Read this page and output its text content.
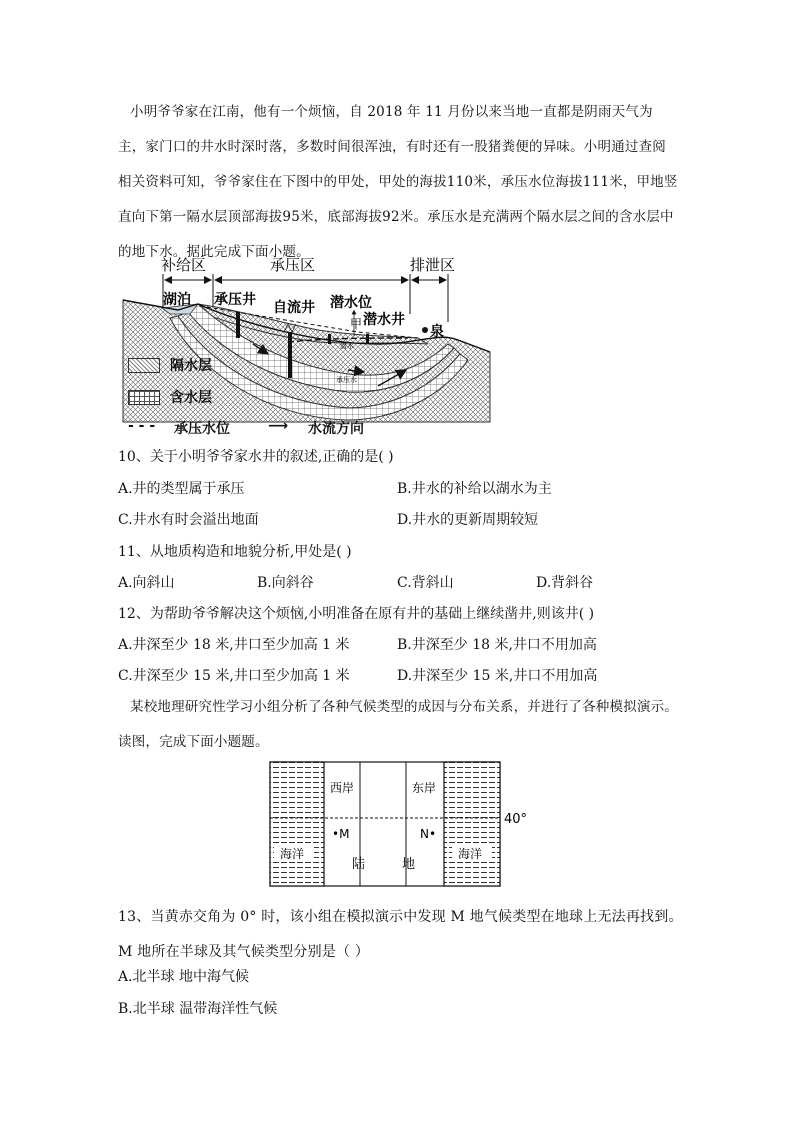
小明爷爷家在江南，他有一个烦恼，自 2018 年 11 月份以来当地一直都是阴雨天气为主，家门口的井水时深时落，多数时间很浑浊，有时还有一股猪粪便的异味。小明通过查阅相关资料可知，爷爷家住在下图中的甲处，甲处的海拔110米，承压水位海拔111米，甲地竖直向下第一隔水层顶部海拔95米，底部海拔92米。承压水是充满两个隔水层之间的含水层中的地下水。据此完成下面小题。
补给区	承压区	排泄区
湖泊 承压井 自流井 潜水位
甲 潜水井
泉
潜水
承压水
隔水层
含水层
- - -	承压水位	⟶	水流方向
10、关于小明爷爷家水井的叙述,正确的是( )
A.井的类型属于承压	B.井水的补给以湖水为主
C.井水有时会溢出地面	D.井水的更新周期较短
11、从地质构造和地貌分析,甲处是( )
A.向斜山	B.向斜谷	C.背斜山	D.背斜谷
12、为帮助爷爷解决这个烦恼,小明准备在原有井的基础上继续凿井,则该井( )
A.井深至少 18 米,井口至少加高 1 米	B.井深至少 18 米,井口不用加高
C.井深至少 15 米,井口至少加高 1 米	D.井深至少 15 米,井口不用加高
某校地理研究性学习小组分析了各种气候类型的成因与分布关系，并进行了各种模拟演示。读图，完成下面小题题。
西岸	东岸
40°
•M	N•
海洋	海洋
陆	地
13、当黄赤交角为 0° 时，该小组在模拟演示中发现 M 地气候类型在地球上无法再找到。M 地所在半球及其气候类型分别是（ ）
A.北半球 地中海气候
B.北半球 温带海洋性气候
